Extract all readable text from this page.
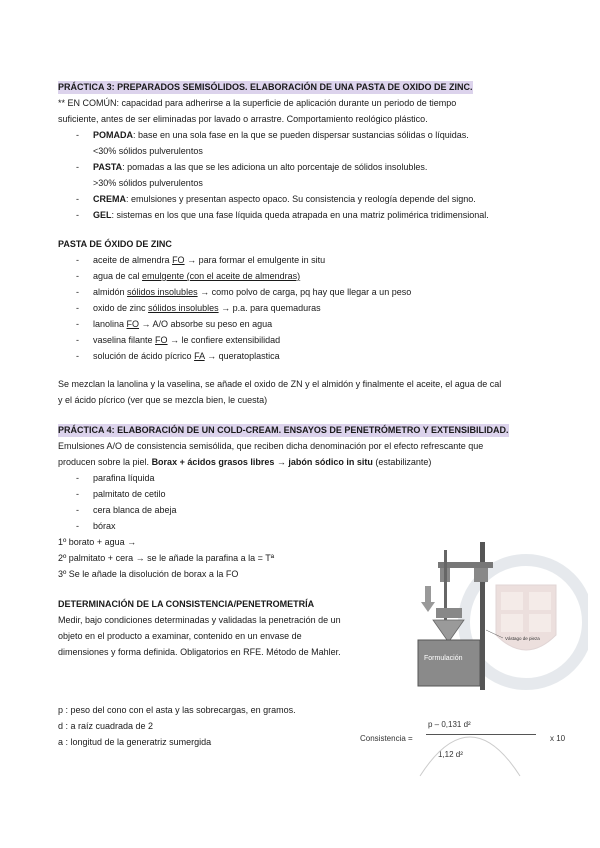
PRÁCTICA 3: PREPARADOS SEMISÓLIDOS. ELABORACIÓN DE UNA PASTA DE OXIDO DE ZINC.
** EN COMÚN: capacidad para adherirse a la superficie de aplicación durante un periodo de tiempo
suficiente, antes de ser eliminadas por lavado o arrastre. Comportamiento reológico plástico.
- POMADA: base en una sola fase en la que se pueden dispersar sustancias sólidas o líquidas.
<30% sólidos pulverulentos
- PASTA: pomadas a las que se les adiciona un alto porcentaje de sólidos insolubles.
>30% sólidos pulverulentos
- CREMA: emulsiones y presentan aspecto opaco. Su consistencia y reología depende del signo.
- GEL: sistemas en los que una fase líquida queda atrapada en una matriz polimérica tridimensional.
PASTA DE ÓXIDO DE ZINC
- aceite de almendra FO → para formar el emulgente in situ
- agua de cal emulgente (con el aceite de almendras)
- almidón sólidos insolubles → como polvo de carga, pq hay que llegar a un peso
- oxido de zinc sólidos insolubles → p.a. para quemaduras
- lanolina FO → A/O absorbe su peso en agua
- vaselina filante FO → le confiere extensibilidad
- solución de ácido pícrico FA → queratoplastica
Se mezclan la lanolina y la vaselina, se añade el oxido de ZN y el almidón y finalmente el aceite, el agua de cal
y el ácido pícrico (ver que se mezcla bien, le cuesta)
PRÁCTICA 4: ELABORACIÓN DE UN COLD-CREAM. ENSAYOS DE PENETRÓMETRO Y EXTENSIBILIDAD.
Emulsiones A/O de consistencia semisólida, que reciben dicha denominación por el efecto refrescante que
producen sobre la piel. Borax + ácidos grasos libres → jabón sódico in situ (estabilizante)
- parafina líquida
- palmitato de cetilo
- cera blanca de abeja
- bórax
1º borato + agua →
2º palmitato + cera → se le añade la parafina a la = Tª
3º Se le añade la disolución de borax a la FO
DETERMINACIÓN DE LA CONSISTENCIA/PENETROMETRÍA
Medir, bajo condiciones determinadas y validadas la penetración de un
objeto en el producto a examinar, contenido en un envase de
dimensiones y forma definida. Obligatorios en RFE. Método de Mahler.
Formulación
Vástago de pieza
p : peso del cono con el asta y las sobrecargas, en gramos.
d : a raíz cuadrada de 2
a : longitud de la generatriz sumergida
p – 0,131 d²
Consistencia =	x 10
1,12 d²
